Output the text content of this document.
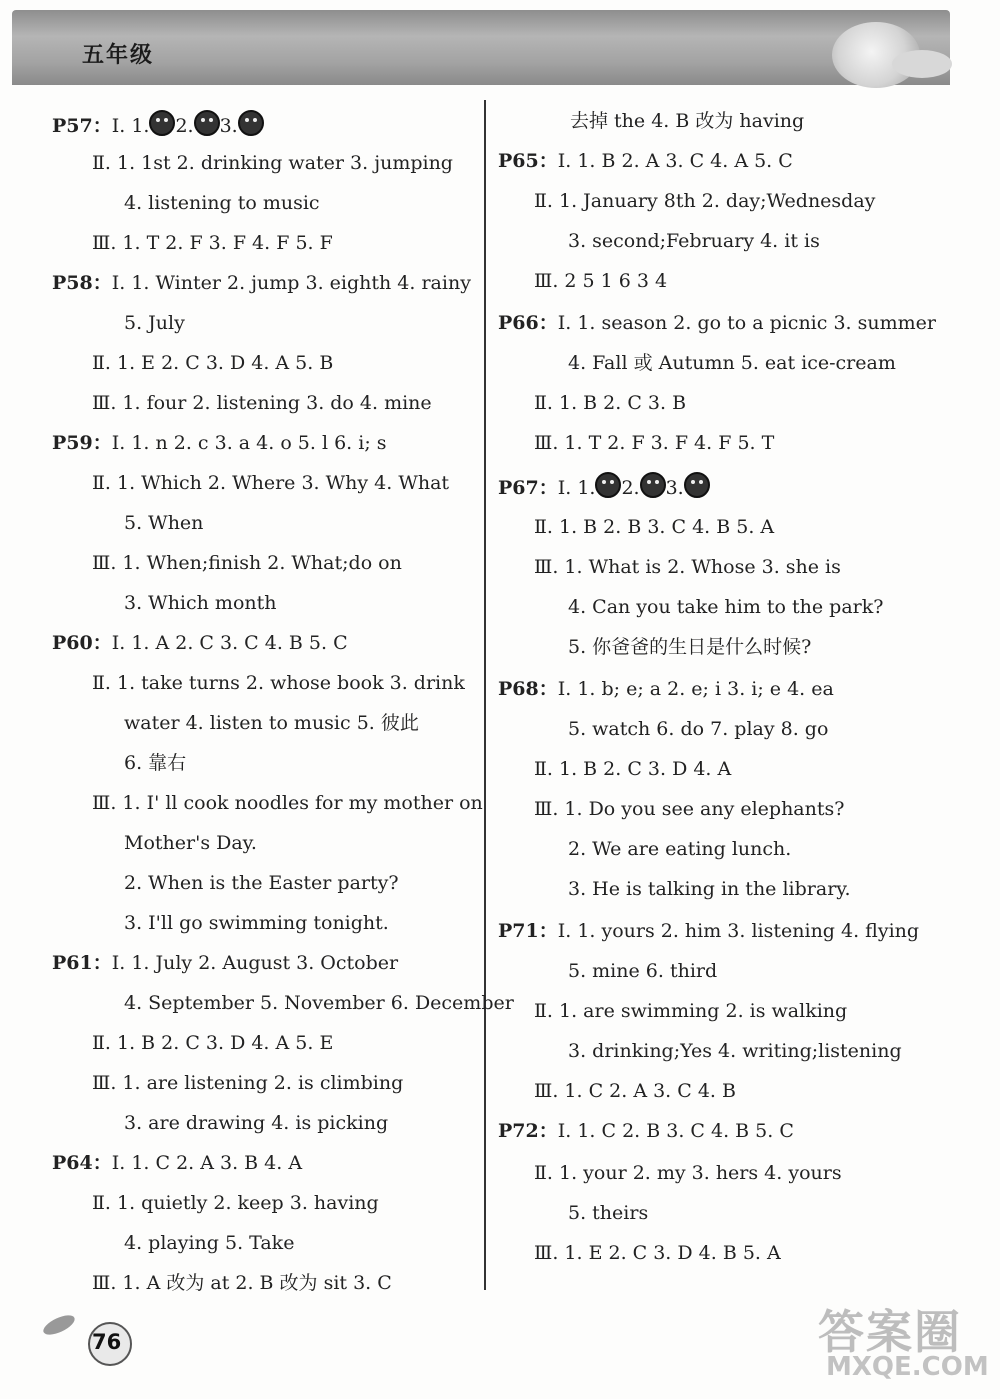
五年级
P57：Ⅰ. 1.2.3.
Ⅱ. 1. 1st 2. drinking water 3. jumping
4. listening to music
Ⅲ. 1. T 2. F 3. F 4. F 5. F
P58：Ⅰ. 1. Winter 2. jump 3. eighth 4. rainy
5. July
Ⅱ. 1. E 2. C 3. D 4. A 5. B
Ⅲ. 1. four 2. listening 3. do 4. mine
P59：Ⅰ. 1. n 2. c 3. a 4. o 5. l 6. i; s
Ⅱ. 1. Which 2. Where 3. Why 4. What
5. When
Ⅲ. 1. When;finish 2. What;do on
3. Which month
P60：Ⅰ. 1. A 2. C 3. C 4. B 5. C
Ⅱ. 1. take turns 2. whose book 3. drink
water 4. listen to music 5. 彼此
6. 靠右
Ⅲ. 1. I' ll cook noodles for my mother on
Mother's Day.
2. When is the Easter party?
3. I'll go swimming tonight.
P61：Ⅰ. 1. July 2. August 3. October
4. September 5. November 6. December
Ⅱ. 1. B 2. C 3. D 4. A 5. E
Ⅲ. 1. are listening 2. is climbing
3. are drawing 4. is picking
P64：Ⅰ. 1. C 2. A 3. B 4. A
Ⅱ. 1. quietly 2. keep 3. having
4. playing 5. Take
Ⅲ. 1. A 改为 at 2. B 改为 sit 3. C
去掉 the 4. B 改为 having
P65：Ⅰ. 1. B 2. A 3. C 4. A 5. C
Ⅱ. 1. January 8th 2. day;Wednesday
3. second;February 4. it is
Ⅲ. 2 5 1 6 3 4
P66：Ⅰ. 1. season 2. go to a picnic 3. summer
4. Fall 或 Autumn 5. eat ice-cream
Ⅱ. 1. B 2. C 3. B
Ⅲ. 1. T 2. F 3. F 4. F 5. T
P67：Ⅰ. 1.2.3.
Ⅱ. 1. B 2. B 3. C 4. B 5. A
Ⅲ. 1. What is 2. Whose 3. she is
4. Can you take him to the park?
5. 你爸爸的生日是什么时候?
P68：Ⅰ. 1. b; e; a 2. e; i 3. i; e 4. ea
5. watch 6. do 7. play 8. go
Ⅱ. 1. B 2. C 3. D 4. A
Ⅲ. 1. Do you see any elephants?
2. We are eating lunch.
3. He is talking in the library.
P71：Ⅰ. 1. yours 2. him 3. listening 4. flying
5. mine 6. third
Ⅱ. 1. are swimming 2. is walking
3. drinking;Yes 4. writing;listening
Ⅲ. 1. C 2. A 3. C 4. B
P72：Ⅰ. 1. C 2. B 3. C 4. B 5. C
Ⅱ. 1. your 2. my 3. hers 4. yours
5. theirs
Ⅲ. 1. E 2. C 3. D 4. B 5. A
76	答案圈
MXQE.COM
